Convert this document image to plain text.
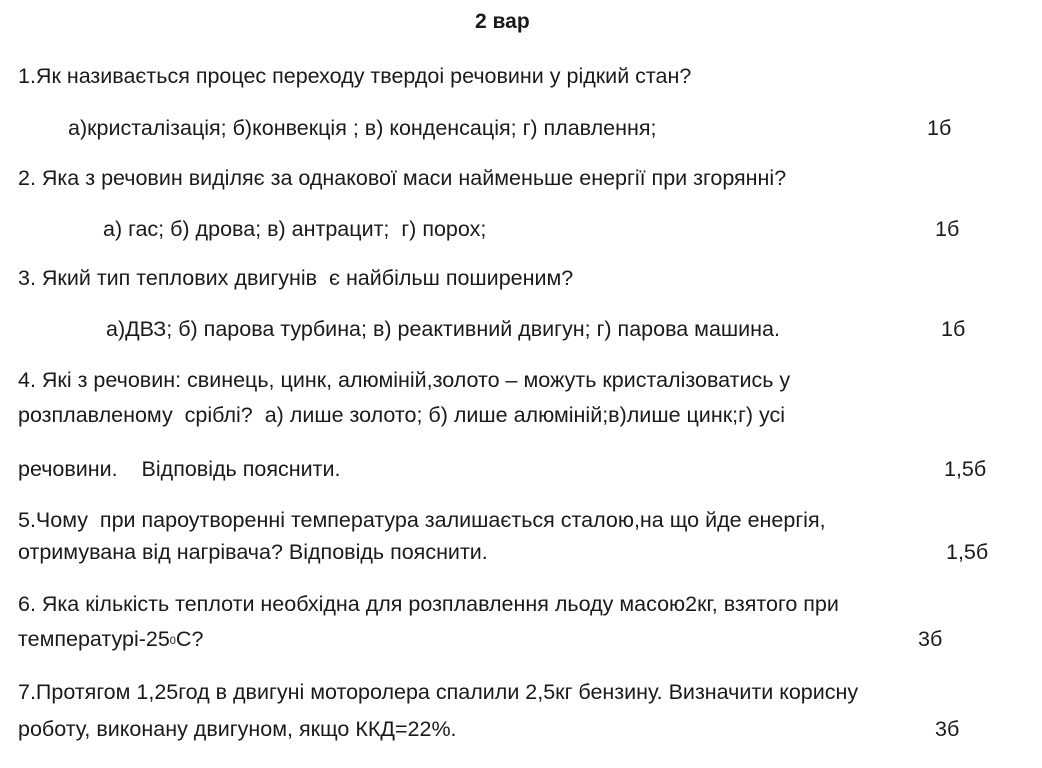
2 вар
1.Як називається процес переходу твердоі речовини у рідкий стан?
а)кристалізація; б)конвекція ; в) конденсація; г) плавлення;	1б
2. Яка з речовин виділяє за однакової маси найменьше енергії при згорянні?
а) гас; б) дрова; в) антрацит;  г) порох;	1б
3. Який тип теплових двигунів  є найбільш поширеним?
а)ДВЗ; б) парова турбина; в) реактивний двигун; г) парова машина.	1б
4. Які з речовин: свинець, цинк, алюміній,золото – можуть кристалізоватись у
розплавленому  сріблі?  а) лише золото; б) лише алюміній;в)лише цинк;г) усі
речовини.    Відповідь пояснити.	1,5б
5.Чому  при пароутворенні температура залишається сталою,на що йде енергія,
отримувана від нагрівача? Відповідь пояснити.	1,5б
6. Яка кількість теплоти необхідна для розплавлення льоду масою2кг, взятого при
температурі-250С?	3б
7.Протягом 1,25год в двигуні моторолера спалили 2,5кг бензину. Визначити корисну
роботу, виконану двигуном, якщо ККД=22%.	3б
